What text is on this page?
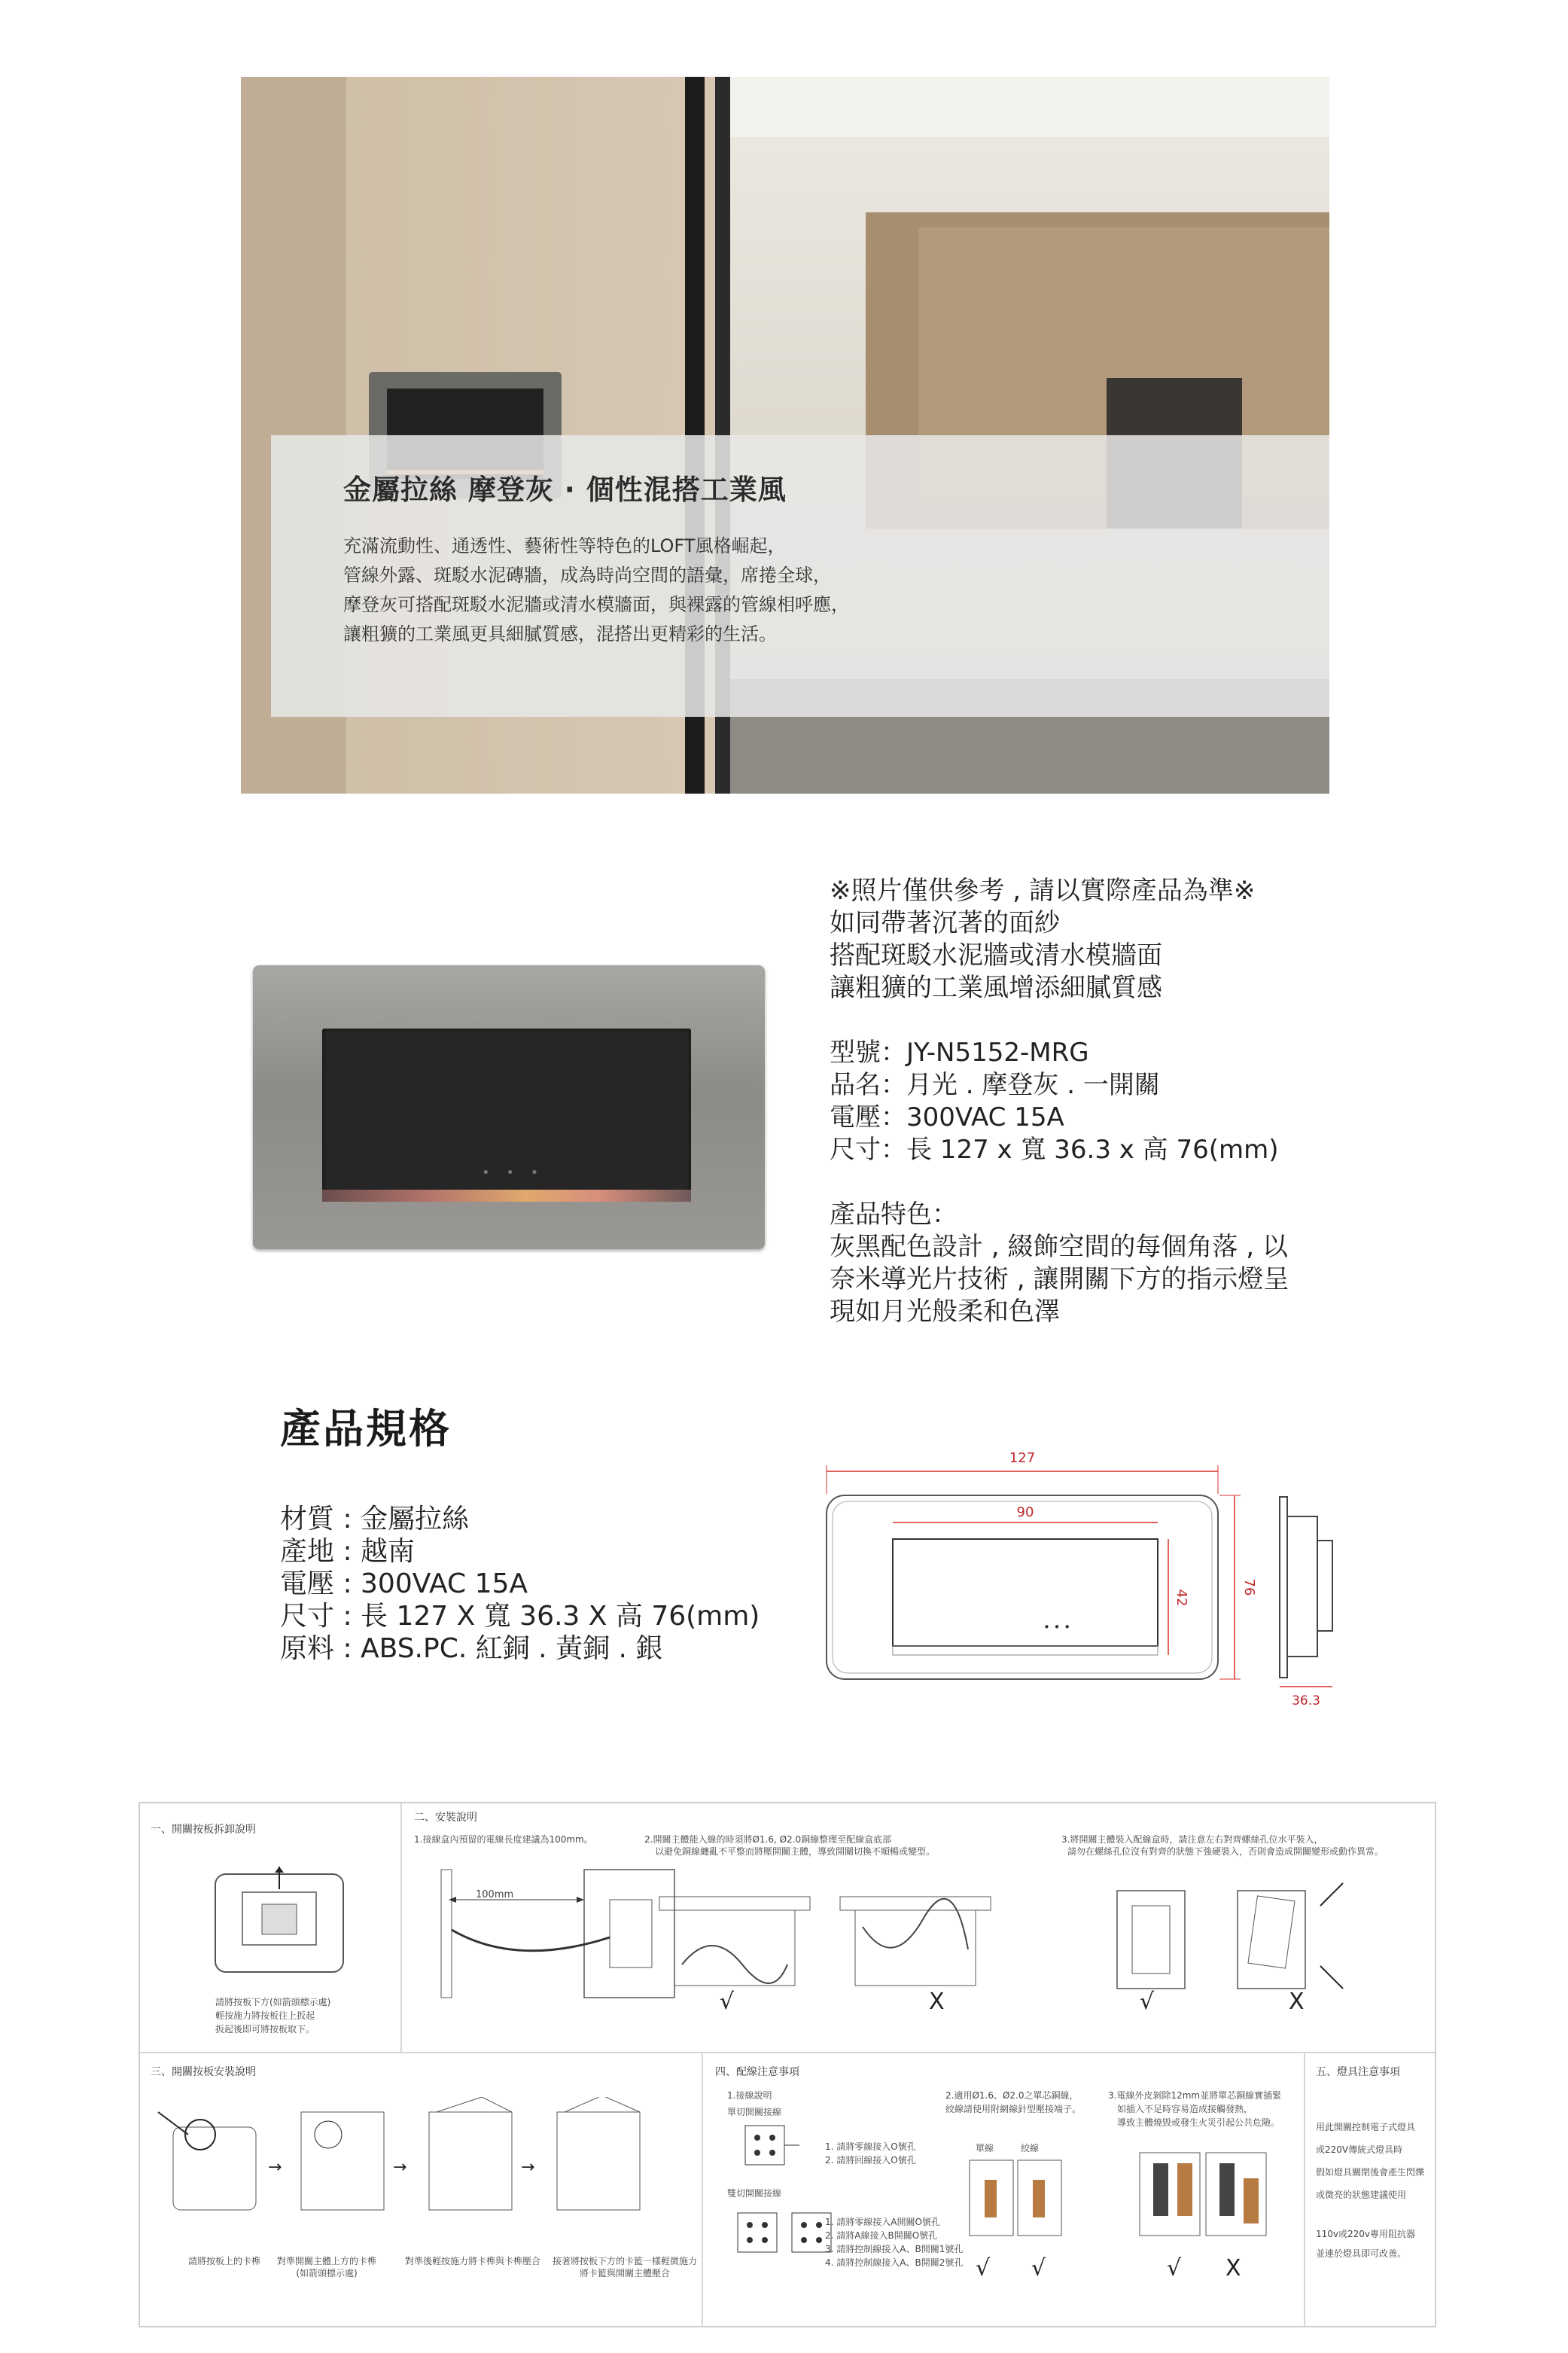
金屬拉絲 摩登灰 · 個性混搭工業風
充滿流動性、通透性、藝術性等特色的LOFT風格崛起，
管線外露、斑駁水泥磚牆，成為時尚空間的語彙，席捲全球，
摩登灰可搭配斑駁水泥牆或清水模牆面，與裸露的管線相呼應，
讓粗獷的工業風更具細膩質感，混搭出更精彩的生活。
• • •
※照片僅供參考 , 請以實際產品為準※
如同帶著沉著的面紗
搭配斑駁水泥牆或清水模牆面
讓粗獷的工業風增添細膩質感
型號：JY-N5152-MRG
品名：月光 . 摩登灰 . 一開關
電壓：300VAC 15A
尺寸：長 127 x 寬 36.3 x 高 76(mm)
產品特色：
灰黑配色設計 , 綴飾空間的每個角落 , 以
奈米導光片技術 , 讓開關下方的指示燈呈
現如月光般柔和色澤
產品規格
材質 : 金屬拉絲
產地 : 越南
電壓 : 300VAC 15A
尺寸 : 長 127 X 寬 36.3 X 高 76(mm)
原料 : ABS.PC. 紅銅 . 黃銅 . 銀
• • •
127
90
42
76
36.3
一、開關按板拆卸說明
請將按板下方(如箭頭標示處)
輕按施力將按板往上扳起
扳起後即可將按板取下。
二、安裝說明
1.接線盒內預留的電線長度建議為100mm。
100mm
2.開關主體能入線的時須將Ø1.6, Ø2.0銅線整理至配線盒底部
以避免銅線纏亂不平整而將壓開關主體，導致開關切換不順暢或變型。
√	X
3.將開關主體裝入配線盒時，請注意左右對齊螺絲孔位水平裝入，
請勿在螺絲孔位沒有對齊的狀態下強硬裝入，否則會造成開關變形或動作異常。
√	X
三、開關按板安裝說明
→	→	→
請將按板上的卡榫 對準開關主體上方的卡榫
(如箭頭標示處)
對準後輕按施力將卡榫與卡榫壓合 接著將按板下方的卡籃一樣輕微施力
將卡籃與開關主體壓合
四、配線注意事項
1.接線說明
單切開關接線
1. 請將零線接入O號孔
2. 請將回線接入O號孔
雙切開關接線
1. 請將零線接入A開關O號孔
2. 請將A線接入B開關O號孔
3. 請將控制線接入A、B開關1號孔
4. 請將控制線接入A、B開關2號孔
2.適用Ø1.6、Ø2.0之單芯銅線，
絞線請使用附網線針型壓接端子。
單線	絞線
√ √
3.電線外皮剝除12mm並將單芯銅線實插緊
如插入不足時容易造成接觸發熱，
導致主體燒毀或發生火災引起公共危險。
√ X
五、燈具注意事項
用此開關控制電子式燈具
或220V傳統式燈具時
假如燈具關閉後會產生閃爍
或微亮的狀態建議使用
110v或220v專用阻抗器
並連於燈具即可改善。
